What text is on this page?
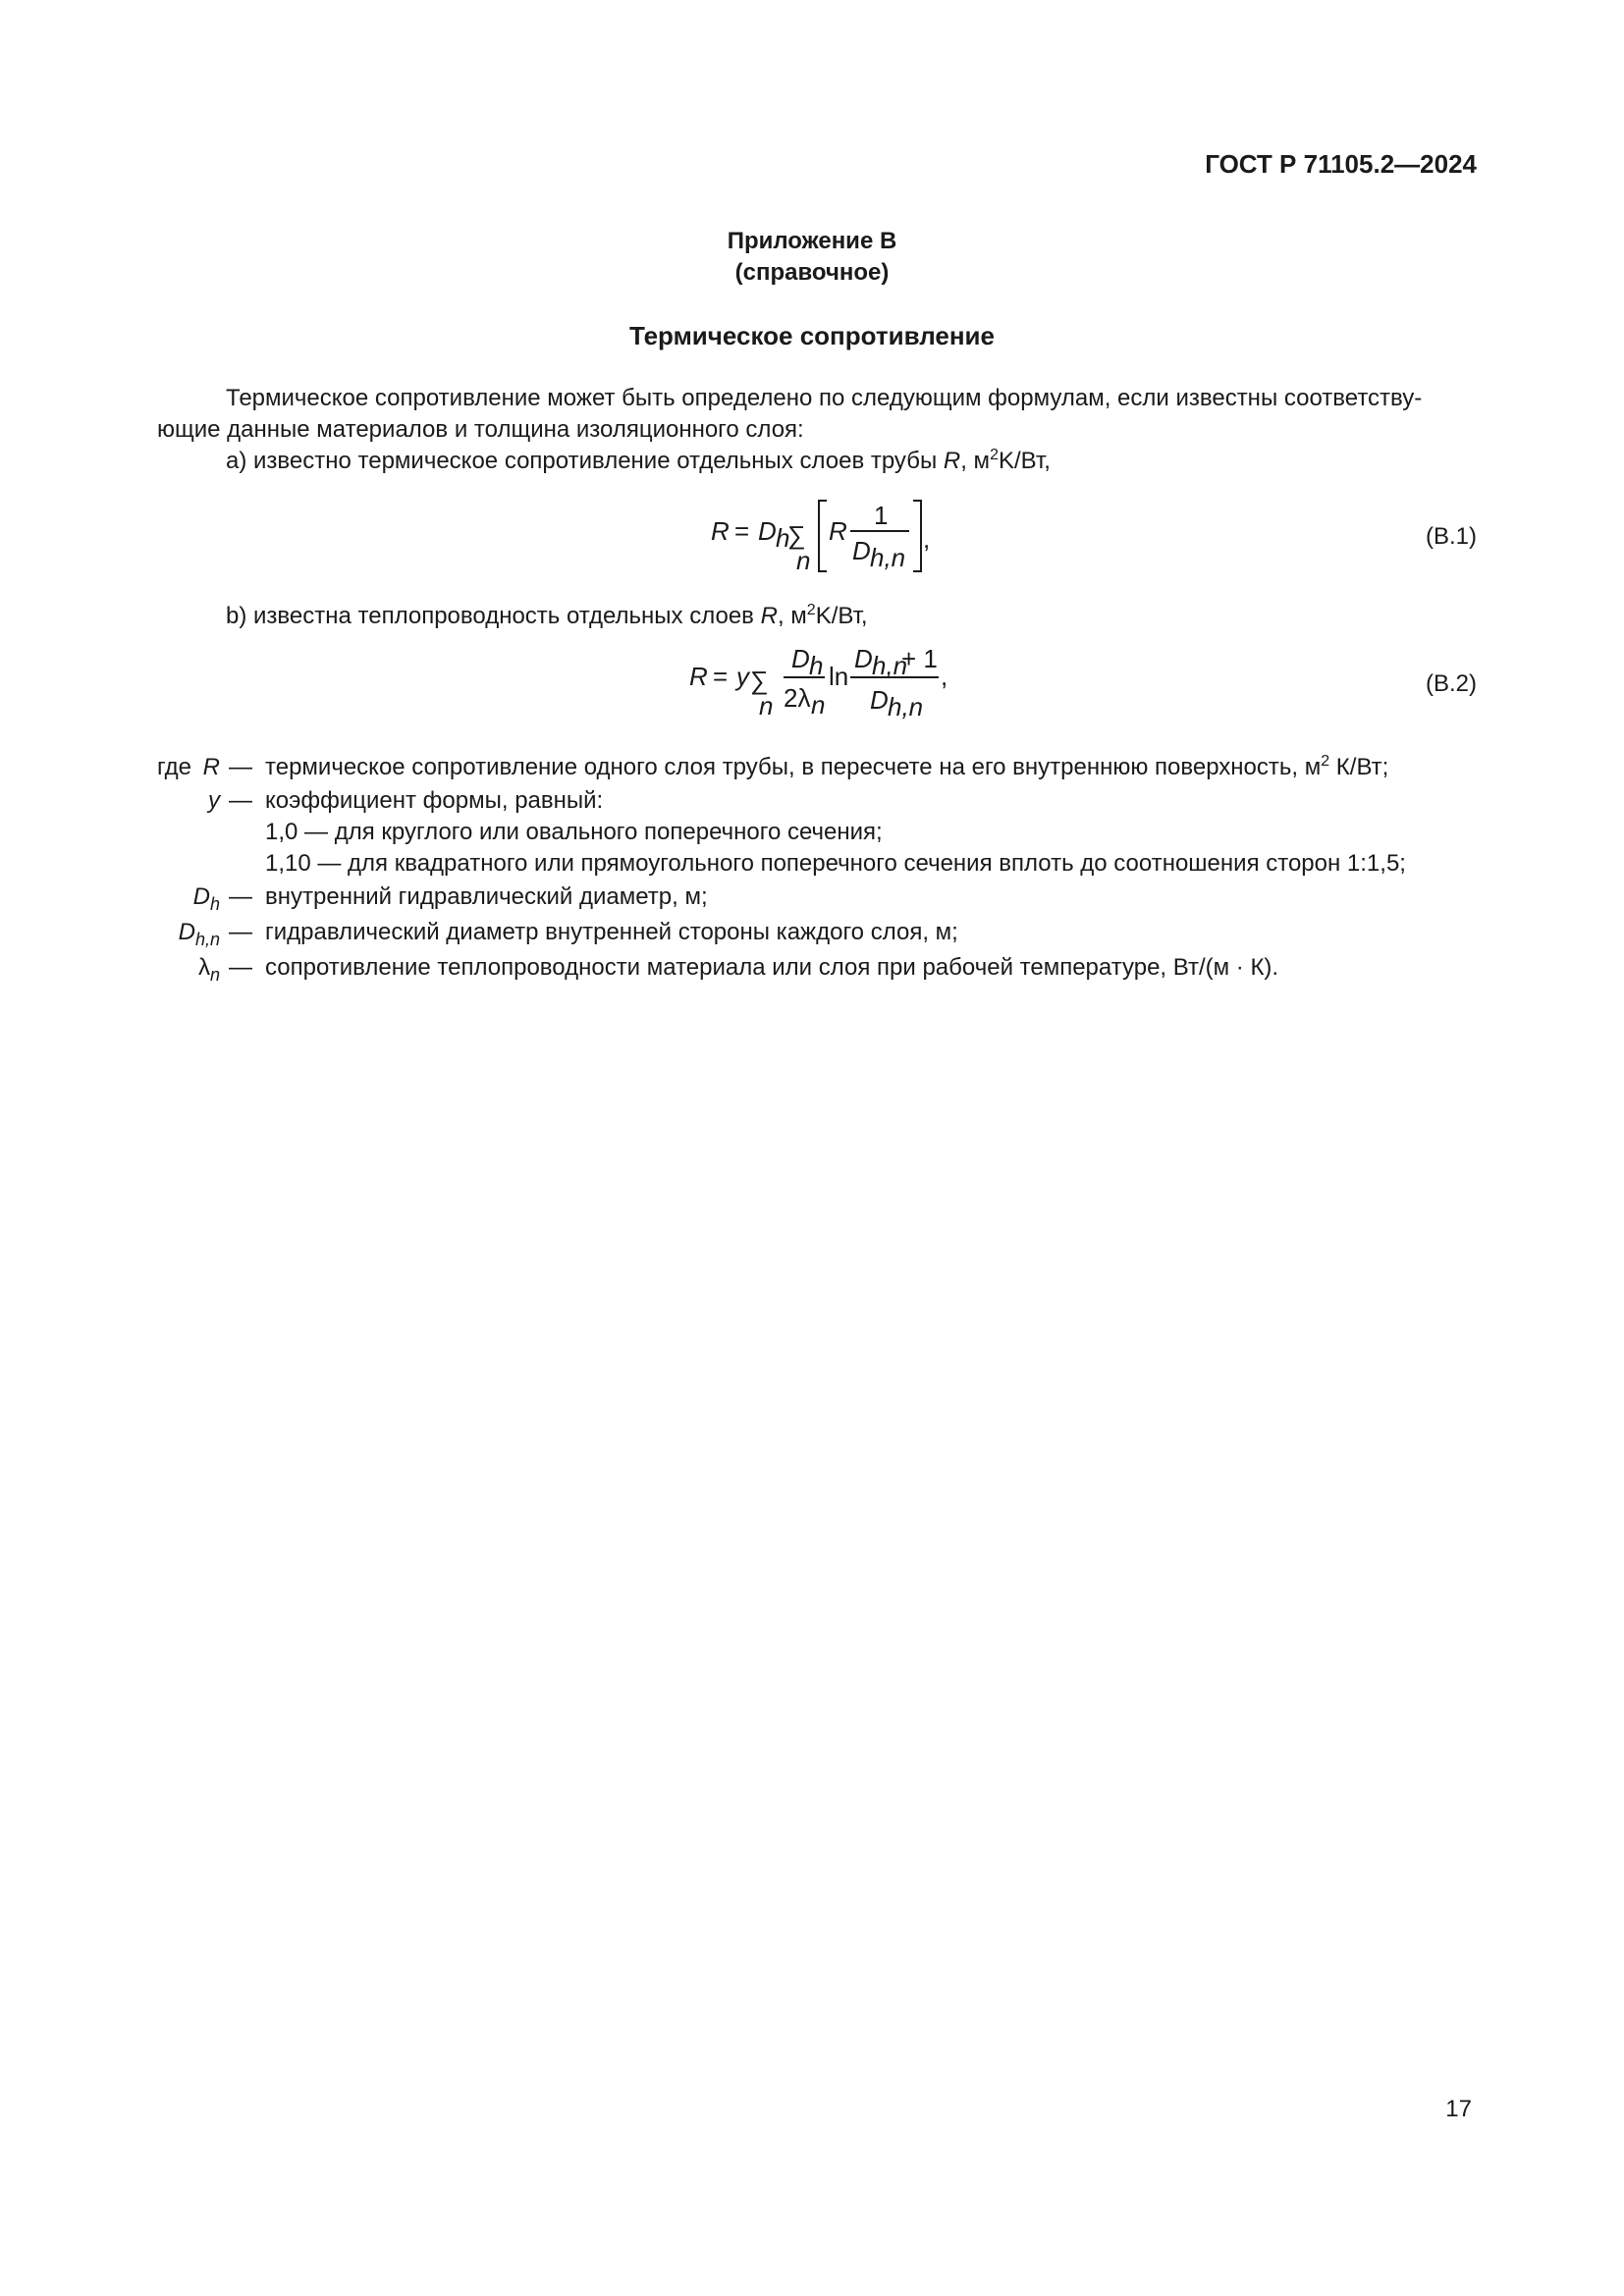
ГОСТ Р 71105.2—2024
Приложение В
(справочное)
Термическое сопротивление
Термическое сопротивление может быть определено по следующим формулам, если известны соответству-
ющие данные материалов и толщина изоляционного слоя:
a) известно термическое сопротивление отдельных слоев трубы R, $м^2K/Вт$,
R = D h
∑
n
R
1
D h,n
,	(В.1)
b) известна теплопроводность отдельных слоев R, $м^2K/Вт$,
R = y ∑
n
D h
2λ n
ln
D h,n
+ 1
D h,n
,	(В.2)
где R — термическое сопротивление одного слоя трубы, в пересчете на его внутреннюю поверхность, $м^2$ К/Вт;
y — коэффициент формы, равный:
1,0 — для круглого или овального поперечного сечения;
1,10 — для квадратного или прямоугольного поперечного сечения вплоть до соотношения сторон 1:1,5;
$D_h$ — внутренний гидравлический диаметр, м;
$D_{h,n}$ — гидравлический диаметр внутренней стороны каждого слоя, м;
$\lambda_n$ — сопротивление теплопроводности материала или слоя при рабочей температуре, Вт/(м · К).
17
